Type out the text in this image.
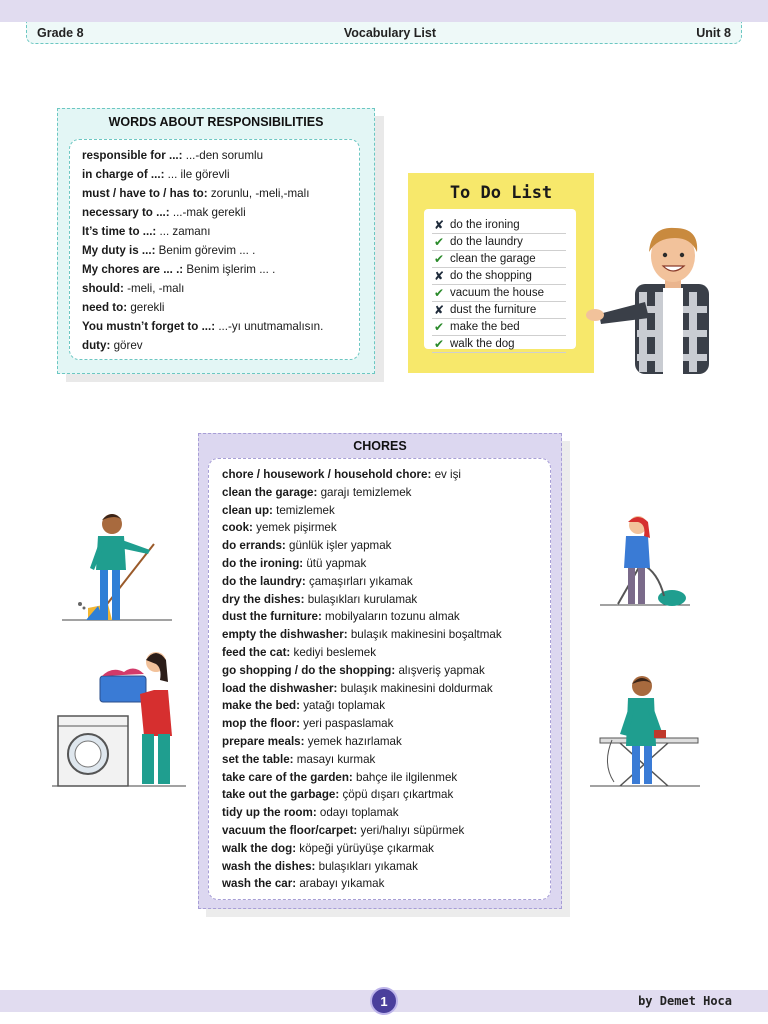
Grade 8	Vocabulary List	Unit 8
WORDS ABOUT RESPONSIBILITIES
responsible for ...: ...-den sorumlu
in charge of ...: ... ile görevli
must / have to / has to: zorunlu, -meli,-malı
necessary to ...: ...-mak gerekli
It’s time to ...: ... zamanı
My duty is ...: Benim görevim ... .
My chores are ... .: Benim işlerim ... .
should: -meli, -malı
need to: gerekli
You mustn’t forget to ...: ...-yı unutmamalısın.
duty: görev
To Do List
✘ do the ironing
✔ do the laundry
✔ clean the garage
✘ do the shopping
✔ vacuum the house
✘ dust the furniture
✔ make the bed
✔ walk the dog
CHORES
chore / housework / household chore: ev işi
clean the garage: garajı temizlemek
clean up: temizlemek
cook: yemek pişirmek
do errands: günlük işler yapmak
do the ironing: ütü yapmak
do the laundry: çamaşırları yıkamak
dry the dishes: bulaşıkları kurulamak
dust the furniture: mobilyaların tozunu almak
empty the dishwasher: bulaşık makinesini boşaltmak
feed the cat: kediyi beslemek
go shopping / do the shopping: alışveriş yapmak
load the dishwasher: bulaşık makinesini doldurmak
make the bed: yatağı toplamak
mop the floor: yeri paspaslamak
prepare meals: yemek hazırlamak
set the table: masayı kurmak
take care of the garden: bahçe ile ilgilenmek
take out the garbage: çöpü dışarı çıkartmak
tidy up the room: odayı toplamak
vacuum the floor/carpet: yeri/halıyı süpürmek
walk the dog: köpeği yürüyüşe çıkarmak
wash the dishes: bulaşıkları yıkamak
wash the car: arabayı yıkamak
1	by Demet Hoca
